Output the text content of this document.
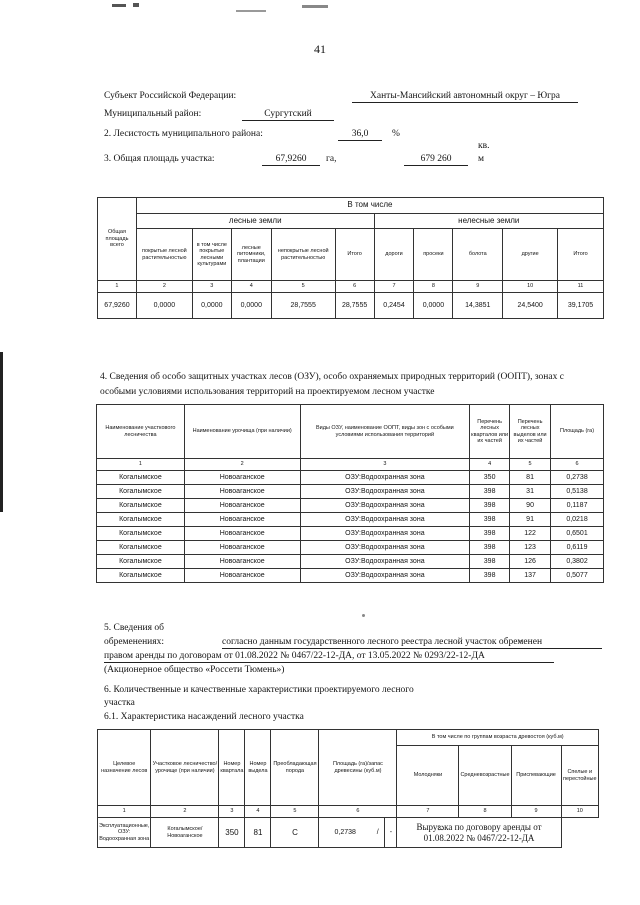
41
Субъект Российской Федерации:	Ханты-Мансийский автономный округ – Югра
Муниципальный район:	Сургутский
2. Лесистость муниципального района:	36,0	%
кв.
3. Общая площадь участка:	67,9260	га,	679 260	м
Общая площадь всего	В том числе									
	лесные земли					нелесные земли				
	покрытые лесной растительностью	в том числе покрытые лесными культурами	лесные питомники, плантации	непокрытые лесной растительностью	Итого	дороги	просеки	болота	другие	Итого
1	2	3	4	5	6	7	8	9	10	11
67,9260	0,0000	0,0000	0,0000	28,7555	28,7555	0,2454	0,0000	14,3851	24,5400	39,1705
4. Сведения об особо защитных участках лесов (ОЗУ), особо охраняемых природных территорий (ООПТ), зонах с особыми условиями использования территорий на проектируемом лесном участке
Наименование участкового лесничества	Наименование урочища (при наличии)	Виды ОЗУ, наименование ООПТ, виды зон с особыми условиями использования территорий	Перечень лесных кварталов или их частей	Перечень лесных выделов или их частей	Площадь (га)
1	2	3	4	5	6
Когалымское	Новоаганское	ОЗУ:Водоохранная зона	350	81	0,2738
Когалымское	Новоаганское	ОЗУ:Водоохранная зона	398	31	0,5138
Когалымское	Новоаганское	ОЗУ:Водоохранная зона	398	90	0,1187
Когалымское	Новоаганское	ОЗУ:Водоохранная зона	398	91	0,0218
Когалымское	Новоаганское	ОЗУ:Водоохранная зона	398	122	0,6501
Когалымское	Новоаганское	ОЗУ:Водоохранная зона	398	123	0,6119
Когалымское	Новоаганское	ОЗУ:Водоохранная зона	398	126	0,3802
Когалымское	Новоаганское	ОЗУ:Водоохранная зона	398	137	0,5077
5. Сведения об
обременениях:	согласно данным государственного лесного реестра лесной участок обременен
правом аренды по договорам от 01.08.2022 № 0467/22-12-ДА, от 13.05.2022 № 0293/22-12-ДА
(Акционерное общество «Россети Тюмень»)
6. Количественные и качественные характеристики проектируемого лесного
участка
6.1. Характеристика насаждений лесного участка
Целевое назначение лесов	Участковое лесничество/урочище (при наличии)	Номер квартала	Номер выдела	Преобладающая порода	Площадь (га)/запас древесины (куб.м)			В том числе по группам возраста древостоя (куб.м)			
								Молодняки	Средневозрастные	Приспевающие	Спелые и перестойные
1	2	3	4	5	6			7	8	9	10
Эксплуатационные, ОЗУ: Водоохранная зона	Когалымское/ Новоаганское	350	81	С	0,2738	/	-	Выруబка по договору аренды от 01.08.2022 № 0467/22-12-ДА			
